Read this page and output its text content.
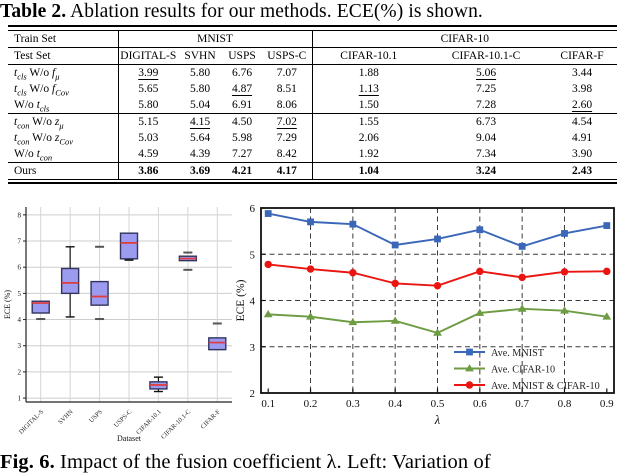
Table 2. Ablation results for our methods. ECE(%) is shown.
Train Set	MNIST				CIFAR-10		
Test Set	DIGITAL-S	SVHN	USPS	USPS-C	CIFAR-10.1	CIFAR-10.1-C	CIFAR-F
$t_{cls}$ W/o $f_\mu$	3.99	5.80	6.76	7.07	1.88	5.06	3.44
$t_{cls}$ W/o $f_{Cov}$	5.65	5.80	4.87	8.51	1.13	7.25	3.98
W/o $t_{cls}$	5.80	5.04	6.91	8.06	1.50	7.28	2.60
$t_{con}$ W/o $z_\mu$	5.15	4.15	4.50	7.02	1.55	6.73	4.54
$t_{con}$ W/o $z_{Cov}$	5.03	5.64	5.98	7.29	2.06	9.04	4.91
W/o $t_{con}$	4.59	4.39	7.27	8.42	1.92	7.34	3.90
Ours	3.86	3.69	4.21	4.17	1.04	3.24	2.43
1
2
3
4
5
6
7
8
DIGITAL-S SVHN USPS USPS-C CIFAR-10.1
CIFAR-10.1-C CIFAR-F
ECE (%)
Dataset
0.1	0.2	0.3	0.4	0.5	0.6	0.7	0.8	0.9
2
3
4
5
6
ECE (%)
λ
Ave. MNIST
Ave. CIFAR-10
Ave. MNIST & CIFAR-10
Fig. 6. Impact of the fusion coefficient λ. Left: Variation of
